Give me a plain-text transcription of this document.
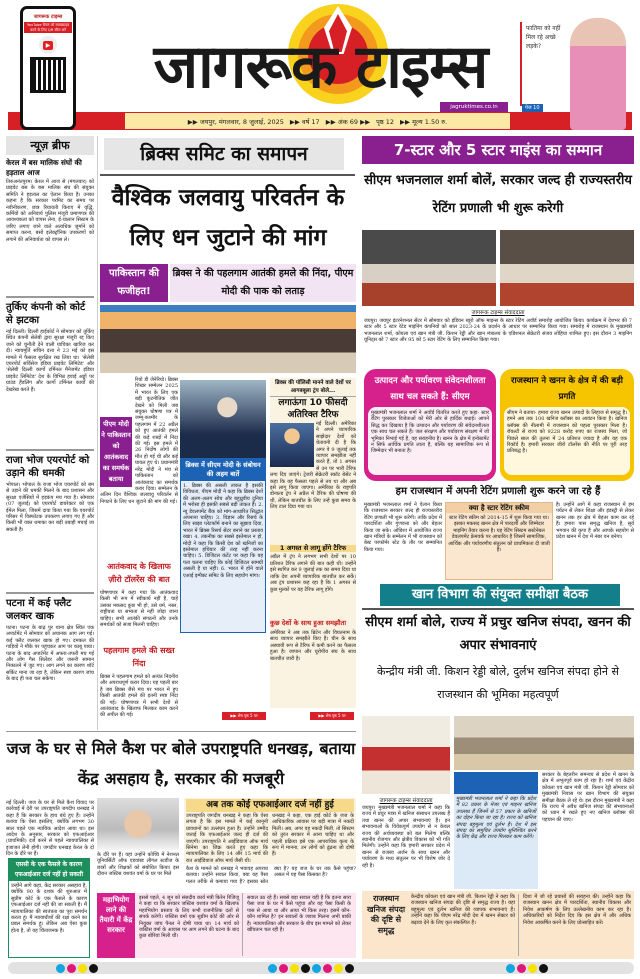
▶▶ जयपुर, मंगलवार, 8 जुलाई, 2025 ▶▶ वर्ष 17 ▶▶ अंक 69 ▶▶ पृष्ठ 12 ▶▶ मूल्य 1.50 रु.
जागरूक टाइम्स
YouTube चैनल को सब्सक्राइब करने के लिए QR स्कैन करें
▶	जागरूक टाइम्स
jagruktimes.co.in
फातिमा को नहीं मिल रहे अच्छे लड़के?
पेज 10
न्यूज़ ब्रीफ
केरल में बस मालिक संघों की हड़ताल आज
तिरुअनंतपुरम। केरल में आज से (मंगलवार) को प्राइवेट बस के बस मालिक संघ की संयुक्त समिति ने हड़ताल का ऐलान किया है। उनका कहना है कि सरकार परमिट का समय पर नवीनीकरण, छात्र रियायती किराए में वृद्धि, कर्मियों को अनिवार्य पुलिस मंजूरी प्रमाणपत्र की आवश्यकता को वापस लेना, ई-चालान सिस्टम के जरिए लगाए जाने वाले अत्यधिक जुर्माने को समाप्त करना, बसों इलेक्ट्रॉनिक उपकरणों को लगाने की अनिवार्यता को वापस ले।
तुर्किए कंपनी को कोर्ट से झटका
नई दिल्ली। दिल्ली हाईकोर्ट ने सोमवार को तुर्किए स्थित कंपनी सेलेबी द्वारा सुरक्षा मंजूरी रद्द किए जाने को चुनौती देने वाली याचिका खारिज कर दी। न्यायमूर्ति सचिन दत्ता ने 23 मई को इस मामले में फैसला सुरक्षित रख लिया था। 'सेलेबी एयरपोर्ट सर्विसेज इंडिया प्राइवेट लिमिटेड' और 'सेलेबी दिल्ली कार्गो टर्मिनल मैनेजमेंट इंडिया प्राइवेट लिमिटेड' देश के विभिन्न हवाई अड्डों पर ग्राउंड हैंडलिंग और कार्गो टर्मिनल कार्यों की देखरेख करते हैं।
राजा भोज एयरपोर्ट को उड़ाने की धमकी
भोपाल। भोपाल के राजा भोज एयरपोर्ट को बम से उड़ाने की धमकी मिलने के बाद प्रशासन और सुरक्षा एजेंसियों में हड़कंप मच गया है। सोमवार (07 जुलाई) को एयरपोर्ट डायरेक्टर को एक ईमेल मिला, जिसमें दावा किया गया कि एयरपोर्ट परिसर में विस्फोटक उपकरण लगाए गए हैं और किसी भी वक्त धमाका कर बड़ी तबाही मचाई जा सकती है।
पटना में कई फ्लैट जलकर खाक
पटना। पटना के बाढ़ पुर थाना क्षेत्र स्थित एक अपार्टमेंट में सोमवार को अचानक आग लग गई। कई फ्लैट जलकर खाक हो गए। दमकल की गाड़ियों ने मौके पर पहुंचकर आग पर काबू पाया। पटना के बाद अपार्टमेंट में अफरा-तफरी मच गई और लोग गैस सिलेंडर और जरूरी सामान निकालने में जुट गए। आग लगने का कारण शॉर्ट सर्किट माना जा रहा है, लेकिन स्पष्ट कारण जांच के बाद ही पता चल सकेगा।
ब्रिक्स समिट का समापन
वैश्विक जलवायु परिवर्तन के लिए धन जुटाने की मांग
पाकिस्तान की फजीहत!
ब्रिक्स ने की पहलगाम आतंकी हमले की निंदा, पीएम मोदी की पाक को लताड़
पीएम मोदी ने पाकिस्तान को आतंकवाद का समर्थक बताया
रियो डी जेनेरियो। ब्रिक्स शिखर सम्मेलन 2025 में भारत के लिए एक बड़ी कूटनीतिक जीत देखने को मिली जब संयुक्त घोषणा पत्र में जम्मू-कश्मीर के पहलगाम में 22 अप्रैल को हुए आतंकी हमले की कड़े शब्दों में निंदा की गई। इस हमले में 26 निर्दोष लोगों की मौत हो गई थी और कई घायल हुए थे। प्रधानमंत्री नरेंद्र मोदी ने मंच से पाकिस्तान को आतंकवाद का समर्थक करार दिया। सम्मेलन के अंतिम दिन वैश्विक जलवायु परिवर्तन से निपटने के लिए धन जुटाने की मांग की गई।
आतंकवाद के खिलाफ ज़ीरो टॉलरेंस की बात
घोषणापत्र में कहा गया कि आतंकवाद किसी भी रूप में स्वीकार्य नहीं है, चाहे उसका मकसद कुछ भी हो, उसे धर्म, नस्ल, राष्ट्रीयता या सभ्यता से नहीं जोड़ा जाना चाहिए। सभी आतंकी संगठनों और उनके समर्थकों को सजा मिलनी चाहिए।
पहलगाम हमले की सख्त निंदा
ब्रिक्स ने पहलगाम हमले को अत्यंत निंदनीय और अपराधपूर्ण करार दिया। यह पहली बार है जब ब्रिक्स जैसे मंच पर भारत में हुए किसी आतंकी हमले की इतनी स्पष्ट निंदा की गई। घोषणापत्र में सभी देशों से आतंकवाद के खिलाफ मिलकर काम करने की अपील की गई।
ब्रिक्स में सीएम मोदी के संबोधन की अहम बातें
1. ब्रिक्स की असली ताकत है इसकी विविधता, पीएम मोदी ने कहा कि ब्रिक्स देशों की अलग-अलग सोच और बहुध्रुवीय दुनिया में भरोसा ही इसकी सबसे बड़ी ताकत है। 2. न्यू डेवलपमेंट बैंक को मांग-आधारित सिद्धांत अपनाना चाहिए। 3. विज्ञान और रिसर्च के लिए साझा प्लेटफॉर्म बनाने का सुझाव दिया, भारत में ब्रिक्स रिसर्च सेंटर बनाने का प्रस्ताव रखा। 4. तकनीक का सबसे इस्तेमाल न हो, मोदी ने कहा कि किसी देश को खनिजों का इस्तेमाल हथियार की तरह नहीं करना चाहिए। 5. डिजिटल कंटेंट पर कहा कि यह पता चलना चाहिए कि कोई डिजिटल सामग्री असली है या नहीं। 6. भारत में होने वाले एआई इम्पैक्ट समिट के लिए सहयोग मांगा।
▶▶ शेष पृष्ठ 5 पर
ब्रिक्स की पॉलिसी मानने वाले देशों पर आगबबूला ट्रंप बोले...
लगाऊंगा 10 फीसदी अतिरिक्त टैरिफ
नई दिल्ली। अमेरिका ने अपने व्यापारिक साझेदार देशों को चेतावनी दी है कि अगर वे 9 जुलाई तक व्यापार समझौता नहीं करते हैं, तो 1 अगस्त से उन पर भारी टैरिफ लगा दिए जाएंगे। ट्रेजरी सेक्रेटरी स्कॉट बेसेंट ने कहा कि यह फैसला पहले से तय था और अब इसे लागू किया जाएगा। अमेरिका के राष्ट्रपति डोनाल्ड ट्रंप ने अप्रैल में टैरिफ की घोषणा की थी, लेकिन बातचीत के लिए उन्हें कुछ समय के लिए टाल दिया गया था।
1 अगस्त से लागू होंगे टैरिफ
अप्रैल में ट्रंप ने लगभग सभी देशों पर 10 प्रतिशत टैरिफ लगाने की बात कही थी। उन्होंने इसे स्थगित कर 9 जुलाई तक का समय दिया था ताकि देश अपनी व्यापारिक बातचीत कर सकें। अब ट्रंप प्रशासन कह रहा है कि 1 अगस्त से कुछ मुल्कों पर यह टैरिफ लागू होंगे।
कुछ देशों के साथ हुआ समझौता
अमेरिका ने अब तक ब्रिटेन और वियतनाम के साथ व्यापार समझौते किए हैं। चीन के साथ अस्थायी रूप से टैरिफ में कमी करने का फैसला हुआ है। जापान और यूरोपीय संघ के साथ बातचीत जारी है।
▶▶ शेष पृष्ठ 5 पर
7-स्टार और 5 स्टार माइंस का सम्मान
सीएम भजनलाल शर्मा बोलें, सरकार जल्द ही राज्यस्तरीय रेटिंग प्रणाली भी शुरू करेगी
जागरूक टाइम्स संवाददाता
जयपुर। जयपुर इंटरनेशनल सेंटर में सोमवार को इंडियन ब्यूरो ऑफ माइन्स के स्टार रेटिंग अवॉर्ड समारोह आयोजित किया। कार्यक्रम में देशभर की 7 स्टार और 5 स्टार रेटेड माइनिंग कंपनियों को साल 2023-24 के प्रदर्शन के आधार पर सम्मानित किया गया। समारोह में राजस्थान के मुख्यमंत्री भजनलाल शर्मा, कोयला एवं खान मंत्री जी. किशन रेड्डी और खान मंत्रालय के एडिशनल सेक्रेटरी संजय लोहिया शामिल हुए। इस दौरान 3 माइनिंग यूनिट्स को 7 स्टार और 95 को 5 स्टार रेटिंग के लिए सम्मानित किया गया।
उत्पादन और पर्यावरण संवेदनशीलता साथ चल सकते हैं: सीएम
मुख्यमंत्री भजनलाल शर्मा ने अवॉर्ड वितरित करते हुए कहा- स्टार रेटिंग पुरस्कार विजेताओं को मेरी ओर से हार्दिक बधाई। आपने सिद्ध कर दिखाया है कि उत्पादन और पर्यावरण की संवेदनशीलता एक साथ चल सकते हैं। जल संरक्षण और पर्यावरण संरक्षण में जो भूमिका निभाई गई है, वह सराहनीय है। खनन के क्षेत्र में इन्वेस्टमेंट न सिर्फ आर्थिक प्रगति लाता है, बल्कि यह सामाजिक रूप से जिम्मेदार भी बनाता है।
राजस्थान ने खनन के क्षेत्र में की बड़ी प्रगति
सीएम ने बताया- हमारा राज्य खनन उत्पादों के लिहाज से समृद्ध है। हमने अब तक 100 खनिज ब्लॉक्स का आवंटन किया है। खनिज ब्लॉक्स की नीलामी में राजस्थान को पहला पुरस्कार मिला है। रॉयल्टी से राज्य को 9228 करोड़ रुपए का राजस्व मिला, जो पिछले साल की तुलना में 24 प्रतिशत ज्यादा है और यह एक रिकॉर्ड है। हमारी सरकार जीरो टॉलरेंस की नीति पर पूरी तरह प्रतिबद्ध है।
हम राजस्थान में अपनी रेटिंग प्रणाली शुरू करने जा रहे हैं
मुख्यमंत्री भजनलाल शर्मा ने ऐलान किया कि राजस्थान सरकार जल्द ही राज्यस्तरीय रेटिंग प्रणाली भी शुरू करेगी। ताकि प्रदेश में पारदर्शिता और गुणवत्ता को और बेहतर किया जा सके। ओडिशा में आयोजित राज्य खान मंत्रियों के सम्मेलन में भी राजस्थान को बेस्ट परफॉर्मर स्टेट के तौर पर सम्मानित किया गया।
क्या है स्टार रेटिंग स्कीम
स्टार रेटिंग स्कीम को 2014-15 में शुरू किया गया था। इसका मकसद खनन क्षेत्र में पारदर्शी और जिम्मेदार माइनिंग तैयार करना है। यह रेटिंग सिस्टम सस्टेनेबल डेवलपमेंट फ्रेमवर्क पर आधारित है जिसमें सामाजिक, आर्थिक और पर्यावरणीय संतुलन को प्राथमिकता दी जाती है।
है। उन्होंने आगे में कहा राजस्थान में हम पर्यटन से लेकर शिक्षा और इंडस्ट्री से लेकर खनन तक हर क्षेत्र में बेहतर काम कर रहे हैं। हमारा पास समृद्ध खनिज है, सूर्य भगवान की कृपा है और आपके सहयोग से प्रदेश खनन में देश में नंबर वन बनेगा।
खान विभाग की संयुक्त समीक्षा बैठक
सीएम शर्मा बोले, राज्य में प्रचुर खनिज संपदा, खनन की अपार संभावनाएं
केन्द्रीय मंत्री जी. किशन रेड्डी बोले, दुर्लभ खनिज संपदा होने से राजस्थान की भूमिका महत्वपूर्ण
जागरूक टाइम्स संवाददाता
जयपुर। मुख्यमंत्री भजनलाल शर्मा ने कहा कि राज्य में प्रचुर मात्रा में खनिज संसाधन उपलब्ध हैं तथा खनन की अपार संभावनाएं हैं। इन संभावनाओं के विवेकपूर्ण उपयोग से न केवल राज्य की अर्थव्यवस्था को बल मिलेगा बल्कि स्थानीय रोजगार और क्षेत्रीय विकास को भी गति मिलेगी। उन्होंने कहा कि हमारी सरकार प्रदेश में खनन से राजस्व अर्जन के साथ खनन और पर्यावरण के मध्य संतुलन पर भी विशेष जोर दे रही है।
मुख्यमंत्री भजनलाल शर्मा ने कहा कि प्रदेश में 82 प्रकार के मेजर एवं माइनर खनिज उपलब्ध हैं जिनमें से 57 प्रकार के खनिजों का दोहन किया जा रहा है। राज्य को खनिज संपदा बहुमूल्य एवं दुर्लभ है। देश में इस संपदा का समुचित उपयोग सुनिश्चित करने के लिए केंद्र और राज्य मिलकर काम करेंगे।
सरकार के बेहतरीन समन्वय से प्रदेश में खनन के क्षेत्र में अभूतपूर्व काम हो रहा है। शर्मा एवं केंद्रीय कोयला एवं खान मंत्री जी. किशन रेड्डी सोमवार को मुख्यमंत्री निवास पर खान विभाग की संयुक्त समीक्षा बैठक ले रहे थे। इस दौरान मुख्यमंत्री ने कहा कि राज्य में अवैध खनिज संपदा की संभावनाओं को ध्यान में रखते हुए नए खनिज ब्लॉक्स की पहचान की जाए।
राजस्थान खनिज संपदा की दृष्टि से समृद्ध
केन्द्रीय कोयला एवं खान मंत्री जी. किशन रेड्डी ने कहा कि राजस्थान खनिज संपदा की दृष्टि से समृद्ध राज्य है। यहां बहुमूल्य एवं दुर्लभ खनिज की व्यापक संभावनाएं हैं। उन्होंने कहा कि पीएम नरेंद्र मोदी देश में खनन सेक्टर को बढ़ावा देने के लिए कृत संकल्पित हैं।
दिशा में जो रहे प्रयासों की सराहना की। उन्होंने कहा कि राजस्थान खनन क्षेत्र में पारदर्शिता, स्थानीय विकास और निवेश आकर्षण के लिए उल्लेखनीय काम कर रहा है। अधिकारियों को निर्देश दिए कि इस क्षेत्र में और अधिक निवेश आकर्षित करने के लिए प्रोत्साहित करें।
जज के घर से मिले कैश पर बोले उपराष्ट्रपति धनखड़, बताया केंद्र असहाय है, सरकार की मजबूरी
नई दिल्ली। जज के घर से मिले कैश विवाद पर कार्रवाई में देरी पर उपराष्ट्रपति जगदीप धनखड़ ने कहा है कि सरकार के हाथ बंधे हुए हैं। उन्होंने बताया कि ऐसा इसलिए, क्योंकि लगभग 30 साल पहले एक न्यायिक आदेश आया था। इस आदेश के अनुसार, सरकार को एफआईआर (प्राथमिकी) दर्ज करने से पहले न्यायपालिका से इजाजत लेनी होगी। जगदीप धनखड़ केरल के दो दिन के दौरे पर हैं।	के दौरे पर हैं। वहां उन्होंने कोच्चि में नेशनल यूनिवर्सिटी ऑफ एडवांस्ड लीगल स्टडीज के छात्रों और शिक्षकों को संबोधित किया। इस दौरान जस्टिस यशवंत वर्मा के घर पर मिले
अब तक कोई एफआईआर दर्ज नहीं हुई
उपराष्ट्रपति जगदीप धनखड़ ने कहा कि ऐसा लगता है कि इस मामले में कई कानूनी प्रावधानों का उल्लंघन हुआ है। उन्होंने उम्मीद जताई कि एफआईआर जल्द ही दर्ज की जाएगी। उपराष्ट्रपति ने आईडियाज ऑफ मार्च सिनेमा का जिक्र करते हुए कहा कि न्यायपालिका के लिए 14 और 15 मार्च की रात आईडियाज ऑफ मार्च जैसी थी।
धनखड़ ने कहा, एक हाई कोर्ट के जज के आधिकारिक आवास पर बड़ी मात्रा में नकदी मिली। अब, अगर वह नकदी मिली, तो सिस्टम को तुरंत सरकार में आना चाहिए था और पहली प्रक्रिया इसे एक आपराधिक कृत्य के रूप में मानना, उन लोगों को ढूंढना जो दोषी हैं।
कैश के मामले को धनखड़ ने भयावह अपराध बताया। उन्होंने सवाल किया, क्या यह पैसा गलत तरीके से कमाया गया है? इसका स्रोत क्या है? यह जज के घर तक कैसे पहुंचा? असल में यह पैसा किसका है?
एससी के एक फैसले के कारण एफआईआर दर्ज नहीं हो सकती
उन्होंने आगे कहा, केंद्र सरकार असहाय है, क्योंकि 90 के दशक की शुरुआत में सुप्रीम कोर्ट के एक फैसले के कारण एफआईआर दर्ज नहीं की जा सकती है। मैं न्यायपालिका की स्वतंत्रता का पूरा समर्थन करता हूं। मैं न्यायाधीशों की रक्षा करने का प्रबल समर्थक हूं। लेकिन अब ऐसा कुछ होता है, तो यह चिंताजनक है।
महाभियोग लाने की तैयारी में केंद्र सरकार
इससे पहले, 4 जून को संसदीय कार्य मंत्री किरेन रिजिजू ने कहा था कि सरकार जस्टिस यशवंत वर्मा के खिलाफ महाभियोग प्रस्ताव के लिए सभी राजनीतिक दलों से संपर्क करेगी। जस्टिस वर्मा एक सुप्रीम कोर्ट की ओर से नियुक्त जांच पैनल ने दोषी पाया था। 14 मार्च को जस्टिस वर्मा के आवास पर आग लगने की घटना के बाद कुछ बोरियां मिली थीं।
सवाल उठ रहे हैं। सबसे बड़ा सवाल यही है कि इतना सारा पैसा जज के घर में कैसे पहुंचा और यह पैसा किसी के पास से आया था और आया भी किस तरह। इसमें कौन-कौन शामिल है? इन सवालों के जवाब मिलना अभी बाकी है। न्यायपालिका और सरकार के बीच इस मामले को लेकर खींचतान चल रही है।
